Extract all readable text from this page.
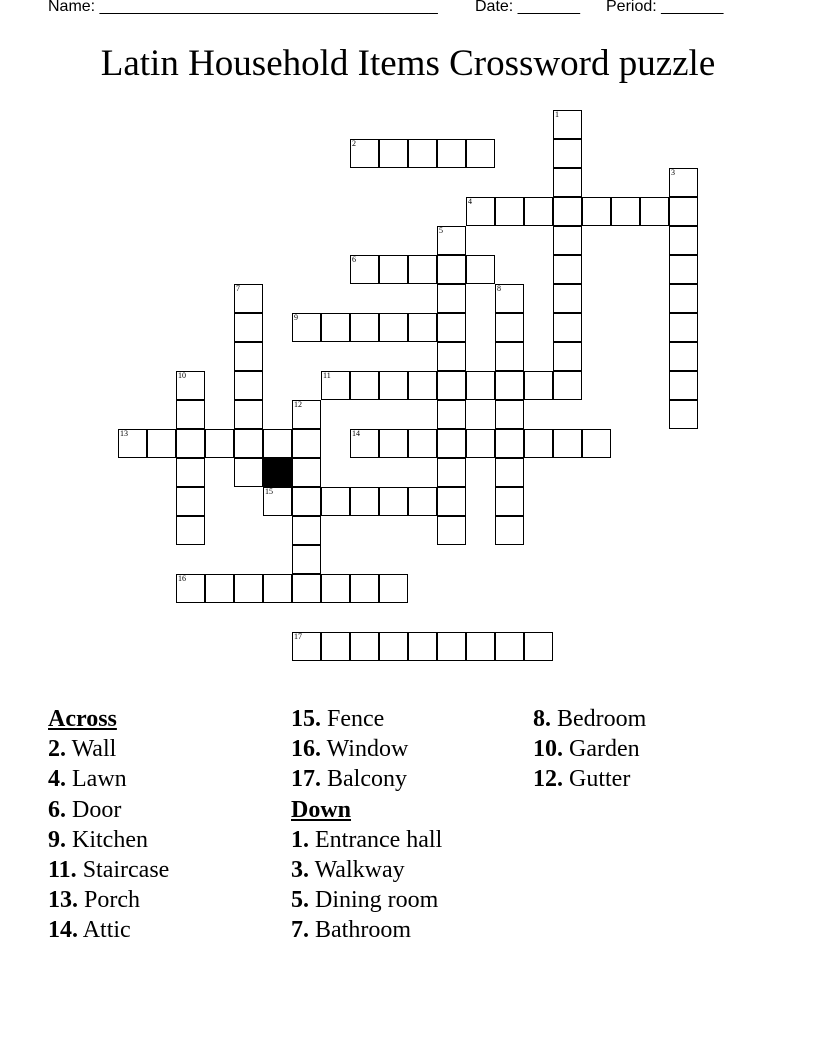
Name: ______________________________________ Date: _______ Period: _______
Latin Household Items Crossword puzzle
1
2
3
4
5
6
7	8
9
10	11
12
13	14
15
16
17
Across
2. Wall
4. Lawn
6. Door
9. Kitchen
11. Staircase
13. Porch
14. Attic
15. Fence
16. Window
17. Balcony
Down
1. Entrance hall
3. Walkway
5. Dining room
7. Bathroom
8. Bedroom
10. Garden
12. Gutter
